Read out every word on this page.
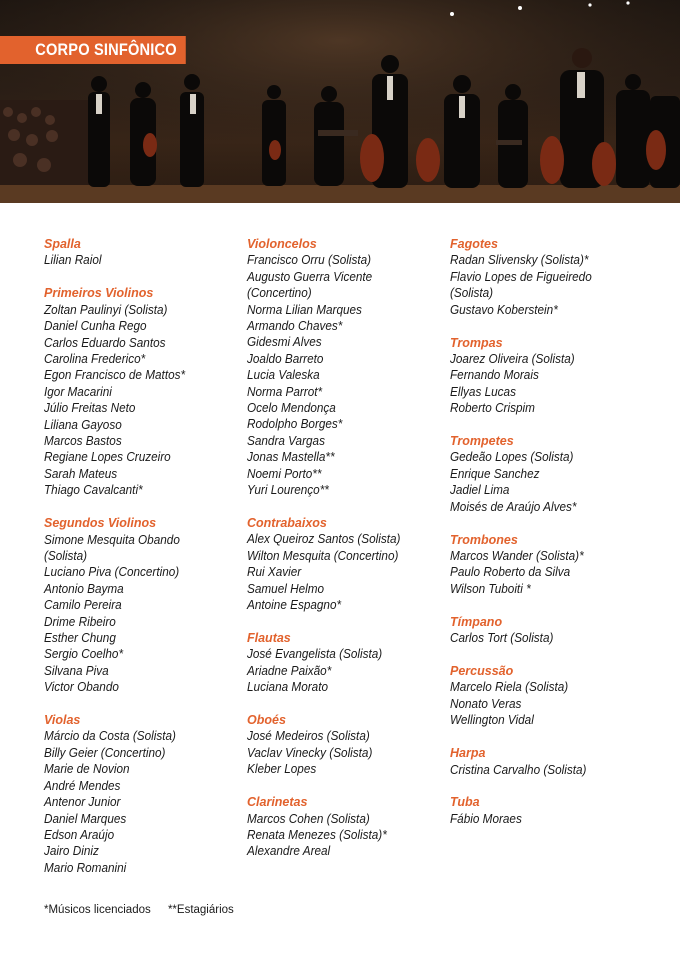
CORPO SINFÔNICO
Spalla
Lilian Raiol
Primeiros Violinos
Zoltan Paulinyi (Solista)
Daniel Cunha Rego
Carlos Eduardo Santos
Carolina Frederico*
Egon Francisco de Mattos*
Igor Macarini
Júlio Freitas Neto
Liliana Gayoso
Marcos Bastos
Regiane Lopes Cruzeiro
Sarah Mateus
Thiago Cavalcanti*
Segundos Violinos
Simone Mesquita Obando
(Solista)
Luciano Piva (Concertino)
Antonio Bayma
Camilo Pereira
Drime Ribeiro
Esther Chung
Sergio Coelho*
Silvana Piva
Victor Obando
Violas
Márcio da Costa (Solista)
Billy Geier (Concertino)
Marie de Novion
André Mendes
Antenor Junior
Daniel Marques
Edson Araújo
Jairo Diniz
Mario Romanini
Violoncelos
Francisco Orru (Solista)
Augusto Guerra Vicente
(Concertino)
Norma Lilian Marques
Armando Chaves*
Gidesmi Alves
Joaldo Barreto
Lucia Valeska
Norma Parrot*
Ocelo Mendonça
Rodolpho Borges*
Sandra Vargas
Jonas Mastella**
Noemi Porto**
Yuri Lourenço**
Contrabaixos
Alex Queiroz Santos (Solista)
Wilton Mesquita (Concertino)
Rui Xavier
Samuel Helmo
Antoine Espagno*
Flautas
José Evangelista (Solista)
Ariadne Paixão*
Luciana Morato
Oboés
José Medeiros (Solista)
Vaclav Vinecky (Solista)
Kleber Lopes
Clarinetas
Marcos Cohen (Solista)
Renata Menezes (Solista)*
Alexandre Areal
Fagotes
Radan Slivensky (Solista)*
Flavio Lopes de Figueiredo
(Solista)
Gustavo Koberstein*
Trompas
Joarez Oliveira (Solista)
Fernando Morais
Ellyas Lucas
Roberto Crispim
Trompetes
Gedeão Lopes (Solista)
Enrique Sanchez
Jadiel Lima
Moisés de Araújo Alves*
Trombones
Marcos Wander (Solista)*
Paulo Roberto da Silva
Wilson Tuboiti *
Tímpano
Carlos Tort (Solista)
Percussão
Marcelo Riela (Solista)
Nonato Veras
Wellington Vidal
Harpa
Cristina Carvalho (Solista)
Tuba
Fábio Moraes
*Músicos licenciados **Estagiários
